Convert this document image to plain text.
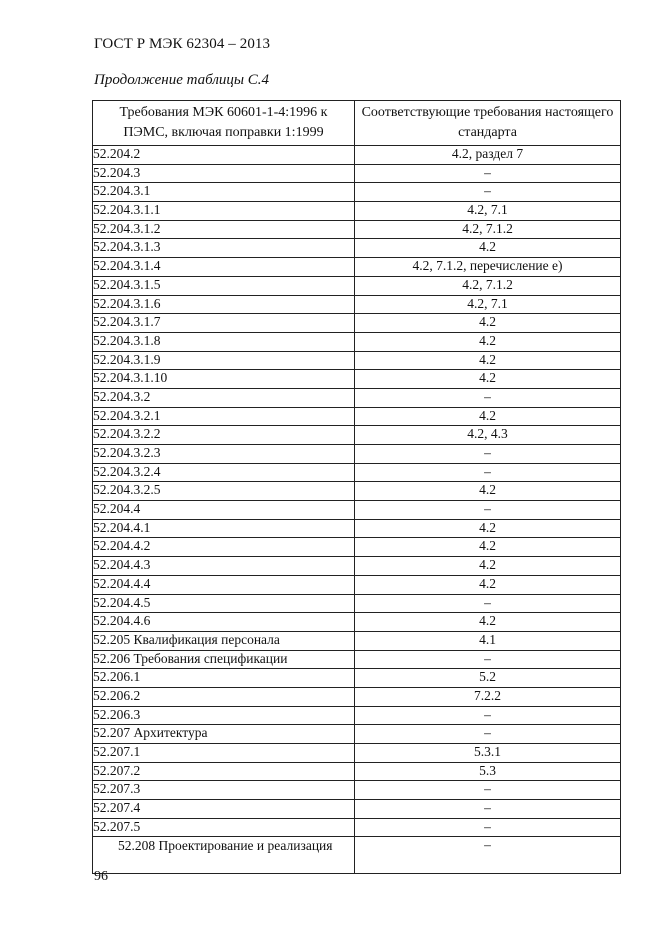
ГОСТ Р МЭК 62304 – 2013
Продолжение таблицы С.4
Требования МЭК 60601-1-4:1996 к ПЭМС, включая поправки 1:1999	Соответствующие требования настоящего стандарта
52.204.2	4.2, раздел 7
52.204.3	–
52.204.3.1	–
52.204.3.1.1	4.2, 7.1
52.204.3.1.2	4.2, 7.1.2
52.204.3.1.3	4.2
52.204.3.1.4	4.2, 7.1.2, перечисление е)
52.204.3.1.5	4.2, 7.1.2
52.204.3.1.6	4.2, 7.1
52.204.3.1.7	4.2
52.204.3.1.8	4.2
52.204.3.1.9	4.2
52.204.3.1.10	4.2
52.204.3.2	–
52.204.3.2.1	4.2
52.204.3.2.2	4.2, 4.3
52.204.3.2.3	–
52.204.3.2.4	–
52.204.3.2.5	4.2
52.204.4	–
52.204.4.1	4.2
52.204.4.2	4.2
52.204.4.3	4.2
52.204.4.4	4.2
52.204.4.5	–
52.204.4.6	4.2
52.205 Квалификация персонала	4.1
52.206 Требования спецификации	–
52.206.1	5.2
52.206.2	7.2.2
52.206.3	–
52.207 Архитектура	–
52.207.1	5.3.1
52.207.2	5.3
52.207.3	–
52.207.4	–
52.207.5	–
52.208 Проектирование и реализация	–
96
